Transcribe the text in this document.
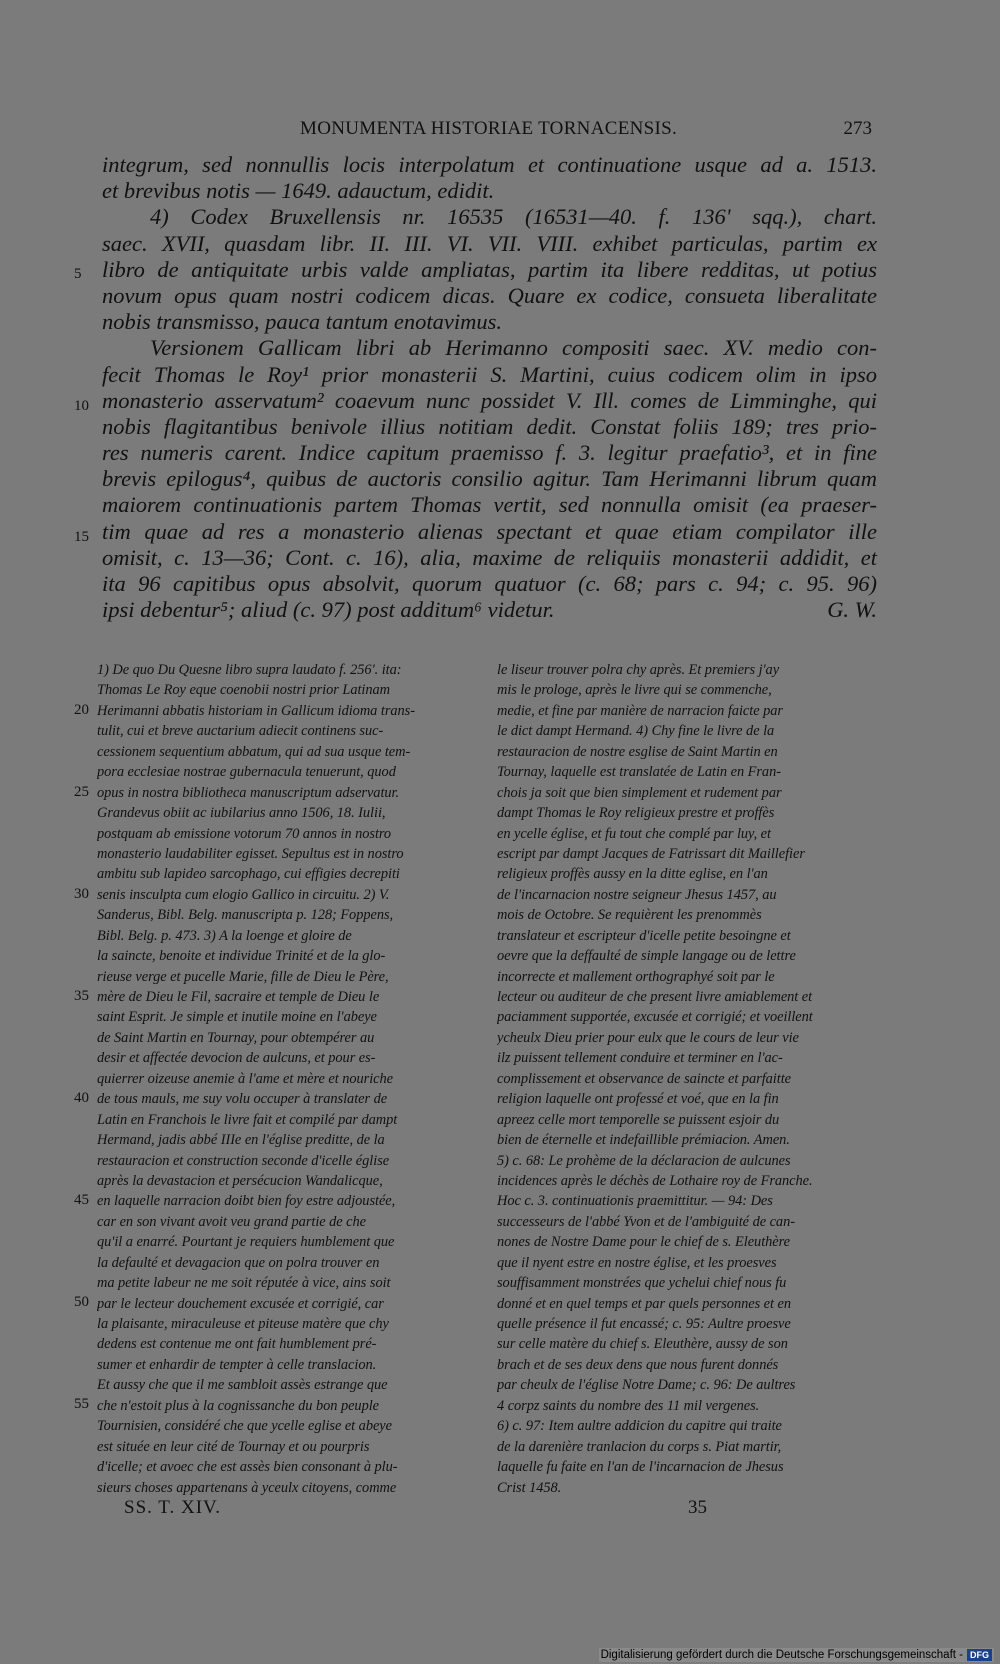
MONUMENTA HISTORIAE TORNACENSIS.	273
integrum, sed nonnullis locis interpolatum et continuatione usque ad a. 1513.
et brevibus notis — 1649. adauctum, edidit.
4) Codex Bruxellensis nr. 16535 (16531—40. f. 136' sqq.), chart.
saec. XVII, quasdam libr. II. III. VI. VII. VIII. exhibet particulas, partim ex
libro de antiquitate urbis valde ampliatas, partim ita libere redditas, ut potius
novum opus quam nostri codicem dicas. Quare ex codice, consueta liberalitate
nobis transmisso, pauca tantum enotavimus.
Versionem Gallicam libri ab Herimanno compositi saec. XV. medio con-
fecit Thomas le Roy¹ prior monasterii S. Martini, cuius codicem olim in ipso
monasterio asservatum² coaevum nunc possidet V. Ill. comes de Limminghe, qui
nobis flagitantibus benivole illius notitiam dedit. Constat foliis 189; tres prio-
res numeris carent. Indice capitum praemisso f. 3. legitur praefatio³, et in fine
brevis epilogus⁴, quibus de auctoris consilio agitur. Tam Herimanni librum quam
maiorem continuationis partem Thomas vertit, sed nonnulla omisit (ea praeser-
tim quae ad res a monasterio alienas spectant et quae etiam compilator ille
omisit, c. 13—36; Cont. c. 16), alia, maxime de reliquiis monasterii addidit, et
ita 96 capitibus opus absolvit, quorum quatuor (c. 68; pars c. 94; c. 95. 96)
ipsi debentur⁵; aliud (c. 97) post additum⁶ videtur.	G. W.
5
10
15
20
25
30
35
40
45
50
55
1) De quo Du Quesne libro supra laudato f. 256'. ita:
Thomas Le Roy eque coenobii nostri prior Latinam
Herimanni abbatis historiam in Gallicum idioma trans-
tulit, cui et breve auctarium adiecit continens suc-
cessionem sequentium abbatum, qui ad sua usque tem-
pora ecclesiae nostrae gubernacula tenuerunt, quod
opus in nostra bibliotheca manuscriptum adservatur.
Grandevus obiit ac iubilarius anno 1506, 18. Iulii,
postquam ab emissione votorum 70 annos in nostro
monasterio laudabiliter egisset. Sepultus est in nostro
ambitu sub lapideo sarcophago, cui effigies decrepiti
senis insculpta cum elogio Gallico in circuitu. 2) V.
Sanderus, Bibl. Belg. manuscripta p. 128; Foppens,
Bibl. Belg. p. 473. 3) A la loenge et gloire de
la saincte, benoite et individue Trinité et de la glo-
rieuse verge et pucelle Marie, fille de Dieu le Père,
mère de Dieu le Fil, sacraire et temple de Dieu le
saint Esprit. Je simple et inutile moine en l'abeye
de Saint Martin en Tournay, pour obtempérer au
desir et affectée devocion de aulcuns, et pour es-
quierrer oizeuse anemie à l'ame et mère et nouriche
de tous mauls, me suy volu occuper à translater de
Latin en Franchois le livre fait et compilé par dampt
Hermand, jadis abbé IIIe en l'église preditte, de la
restauracion et construction seconde d'icelle église
après la devastacion et persécucion Wandalicque,
en laquelle narracion doibt bien foy estre adjoustée,
car en son vivant avoit veu grand partie de che
qu'il a enarré. Pourtant je requiers humblement que
la defaulté et devagacion que on polra trouver en
ma petite labeur ne me soit réputée à vice, ains soit
par le lecteur douchement excusée et corrigié, car
la plaisante, miraculeuse et piteuse matère que chy
dedens est contenue me ont fait humblement pré-
sumer et enhardir de tempter à celle translacion.
Et aussy che que il me sambloit assès estrange que
che n'estoit plus à la cognissanche du bon peuple
Tournisien, considéré che que ycelle eglise et abeye
est située en leur cité de Tournay et ou pourpris
d'icelle; et avoec che est assès bien consonant à plu-
sieurs choses appartenans à yceulx citoyens, comme
le liseur trouver polra chy après. Et premiers j'ay
mis le prologe, après le livre qui se commenche,
medie, et fine par manière de narracion faicte par
le dict dampt Hermand. 4) Chy fine le livre de la
restauracion de nostre esglise de Saint Martin en
Tournay, laquelle est translatée de Latin en Fran-
chois ja soit que bien simplement et rudement par
dampt Thomas le Roy religieux prestre et proffès
en ycelle église, et fu tout che complé par luy, et
escript par dampt Jacques de Fatrissart dit Maillefier
religieux proffès aussy en la ditte eglise, en l'an
de l'incarnacion nostre seigneur Jhesus 1457, au
mois de Octobre. Se requièrent les prenommès
translateur et escripteur d'icelle petite besoingne et
oevre que la deffaulté de simple langage ou de lettre
incorrecte et mallement orthographyé soit par le
lecteur ou auditeur de che present livre amiablement et
paciamment supportée, excusée et corrigié; et voeillent
ycheulx Dieu prier pour eulx que le cours de leur vie
ilz puissent tellement conduire et terminer en l'ac-
complissement et observance de saincte et parfaitte
religion laquelle ont professé et voé, que en la fin
apreez celle mort temporelle se puissent esjoir du
bien de éternelle et indefaillible prémiacion. Amen.
5) c. 68: Le prohème de la déclaracion de aulcunes
incidences après le déchès de Lothaire roy de Franche.
Hoc c. 3. continuationis praemittitur. — 94: Des
successeurs de l'abbé Yvon et de l'ambiguité de can-
nones de Nostre Dame pour le chief de s. Eleuthère
que il nyent estre en nostre église, et les proesves
souffisamment monstrées que ychelui chief nous fu
donné et en quel temps et par quels personnes et en
quelle présence il fut encassé; c. 95: Aultre proesve
sur celle matère du chief s. Eleuthère, aussy de son
brach et de ses deux dens que nous furent donnés
par cheulx de l'église Notre Dame; c. 96: De aultres
4 corpz saints du nombre des 11 mil vergenes.
6) c. 97: Item aultre addicion du capitre qui traite
de la darenière tranlacion du corps s. Piat martir,
laquelle fu faite en l'an de l'incarnacion de Jhesus
Crist 1458.
SS. T. XIV.	35
Digitalisierung gefördert durch die Deutsche Forschungsgemeinschaft - DFG
